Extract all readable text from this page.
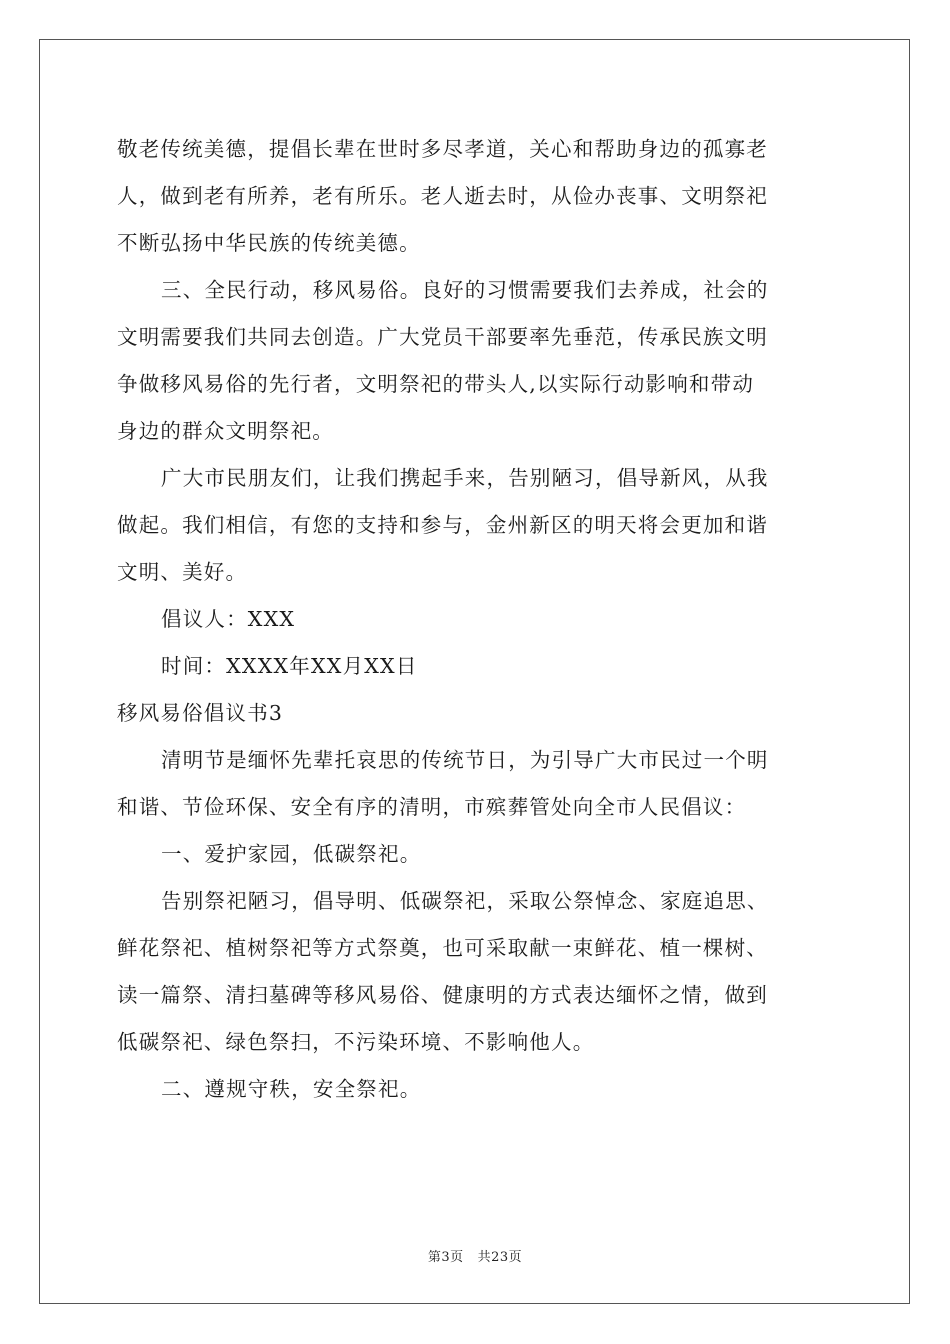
敬老传统美德，提倡长辈在世时多尽孝道，关心和帮助身边的孤寡老
人，做到老有所养，老有所乐。老人逝去时，从俭办丧事、文明祭祀
不断弘扬中华民族的传统美德。
三、全民行动，移风易俗。良好的习惯需要我们去养成，社会的
文明需要我们共同去创造。广大党员干部要率先垂范，传承民族文明
争做移风易俗的先行者，文明祭祀的带头人,以实际行动影响和带动
身边的群众文明祭祀。
广大市民朋友们，让我们携起手来，告别陋习，倡导新风，从我
做起。我们相信，有您的支持和参与，金州新区的明天将会更加和谐
文明、美好。
倡议人：XXX
时间：XXXX年XX月XX日
移风易俗倡议书3
清明节是缅怀先辈托哀思的传统节日，为引导广大市民过一个明
和谐、节俭环保、安全有序的清明，市殡葬管处向全市人民倡议：
一、爱护家园，低碳祭祀。
告别祭祀陋习，倡导明、低碳祭祀，采取公祭悼念、家庭追思、
鲜花祭祀、植树祭祀等方式祭奠，也可采取献一束鲜花、植一棵树、
读一篇祭、清扫墓碑等移风易俗、健康明的方式表达缅怀之情，做到
低碳祭祀、绿色祭扫，不污染环境、不影响他人。
二、遵规守秩，安全祭祀。
第3页 共23页
